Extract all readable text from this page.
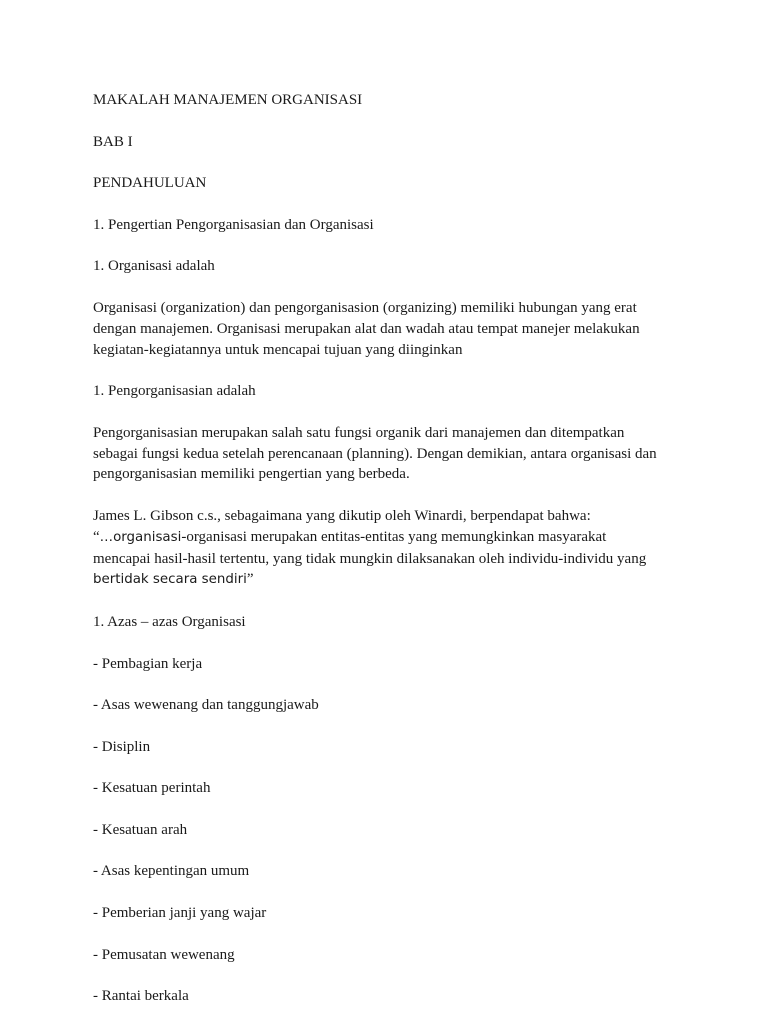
MAKALAH MANAJEMEN ORGANISASI

BAB I

PENDAHULUAN

1. Pengertian Pengorganisasian dan Organisasi

1. Organisasi adalah

Organisasi (organization) dan pengorganisasion (organizing) memiliki hubungan yang erat

dengan manajemen. Organisasi merupakan alat dan wadah atau tempat manejer melakukan

kegiatan-kegiatannya untuk mencapai tujuan yang diinginkan

1. Pengorganisasian adalah

Pengorganisasian merupakan salah satu fungsi organik dari manajemen dan ditempatkan

sebagai fungsi kedua setelah perencanaan (planning). Dengan demikian, antara organisasi dan

pengorganisasian memiliki pengertian yang berbeda.

James L. Gibson c.s., sebagaimana yang dikutip oleh Winardi, berpendapat bahwa:

“…organisasi-organisasi merupakan entitas-entitas yang memungkinkan masyarakat

mencapai hasil-hasil tertentu, yang tidak mungkin dilaksanakan oleh individu-individu yang

bertidak secara sendiri”

1. Azas – azas Organisasi

- Pembagian kerja

- Asas wewenang dan tanggungjawab

- Disiplin

- Kesatuan perintah

- Kesatuan arah

- Asas kepentingan umum

- Pemberian janji yang wajar

- Pemusatan wewenang

- Rantai berkala
